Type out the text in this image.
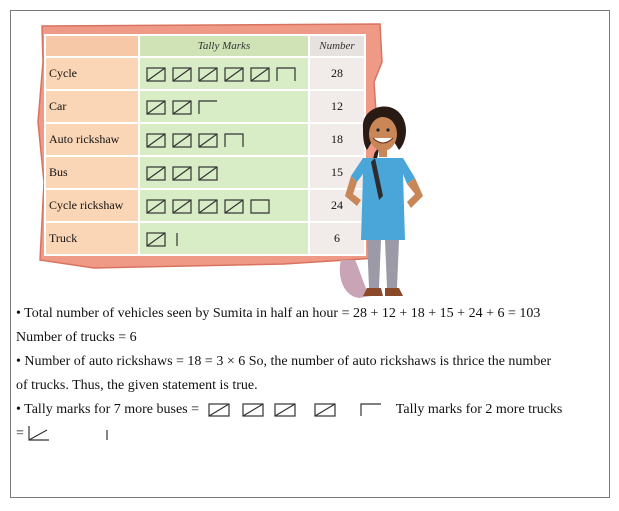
	Tally Marks	Number
Cycle		28
Car		12
Auto rickshaw		18
Bus		15
Cycle rickshaw		24
Truck		6

• Total number of vehicles seen by Sumita in half an hour = 28 + 12 + 18 + 15 + 24 + 6 = 103

Number of trucks = 6

• Number of auto rickshaws = 18 = 3 × 6 So, the number of auto rickshaws is thrice the number

of trucks. Thus, the given statement is true.

• Tally marks for 7 more buses =	Tally marks for 2 more trucks

=
